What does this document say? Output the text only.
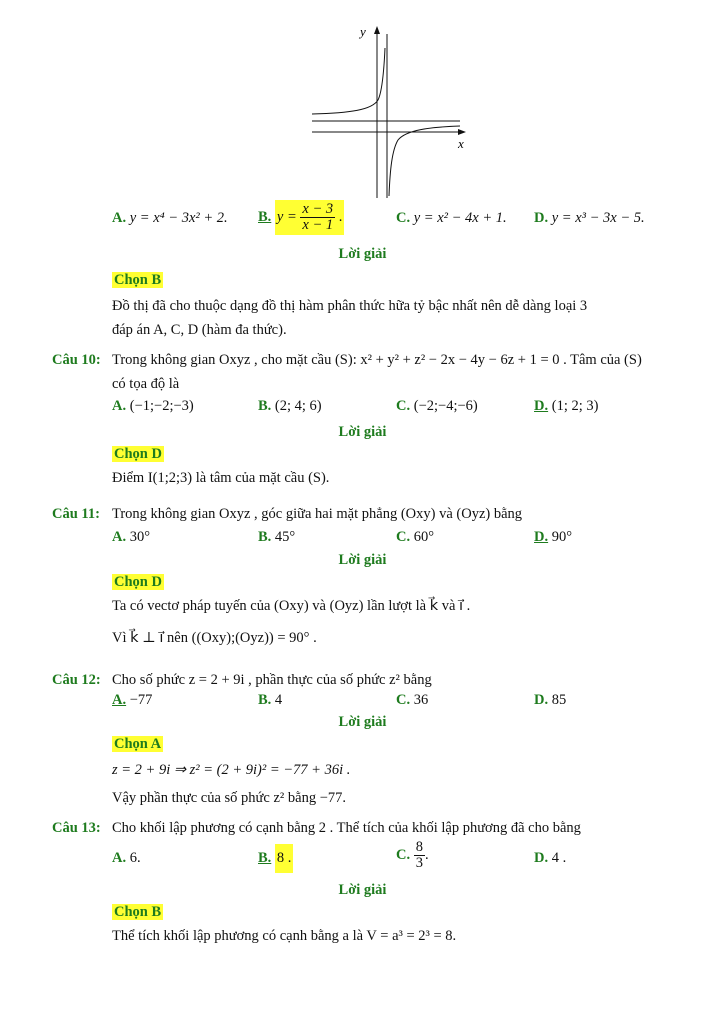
y
x
A. y = x⁴ − 3x² + 2. B. $y = \frac{x - 3}{x - 1}$ .	C. y = x² − 4x + 1. D. y = x³ − 3x − 5.
Lời giải
Chọn B
Đồ thị đã cho thuộc dạng đồ thị hàm phân thức hữa tỷ bậc nhất nên dễ dàng loại 3
đáp án A, C, D (hàm đa thức).
Câu 10: Trong không gian Oxyz , cho mặt cầu (S): x² + y² + z² − 2x − 4y − 6z + 1 = 0 . Tâm của (S)
có tọa độ là
A. (−1;−2;−3)	B. (2; 4; 6)	C. (−2;−4;−6)	D. (1; 2; 3)
Lời giải
Chọn D
Điểm I(1;2;3) là tâm của mặt cầu (S).
Câu 11: Trong không gian Oxyz , góc giữa hai mặt phẳng (Oxy) và (Oyz) bằng
A. 30°	B. 45°	C. 60°	D. 90°
Lời giải
Chọn D
Ta có vectơ pháp tuyến của (Oxy) và (Oyz) lần lượt là k⃗ và i⃗ .
Vì k⃗ ⊥ i⃗ nên ((Oxy);(Oyz)) = 90° .
Câu 12: Cho số phức z = 2 + 9i , phần thực của số phức z² bằng
A. −77	B. 4	C. 36	D. 85
Lời giải
Chọn A
z = 2 + 9i ⇒ z² = (2 + 9i)² = −77 + 36i .
Vậy phần thực của số phức z² bằng −77.
Câu 13: Cho khối lập phương có cạnh bằng 2 . Thể tích của khối lập phương đã cho bằng
A. 6.	B. 8 .	C. $\frac{8}{3}$ .	D. 4 .
Lời giải
Chọn B
Thể tích khối lập phương có cạnh bằng a là V = a³ = 2³ = 8.
